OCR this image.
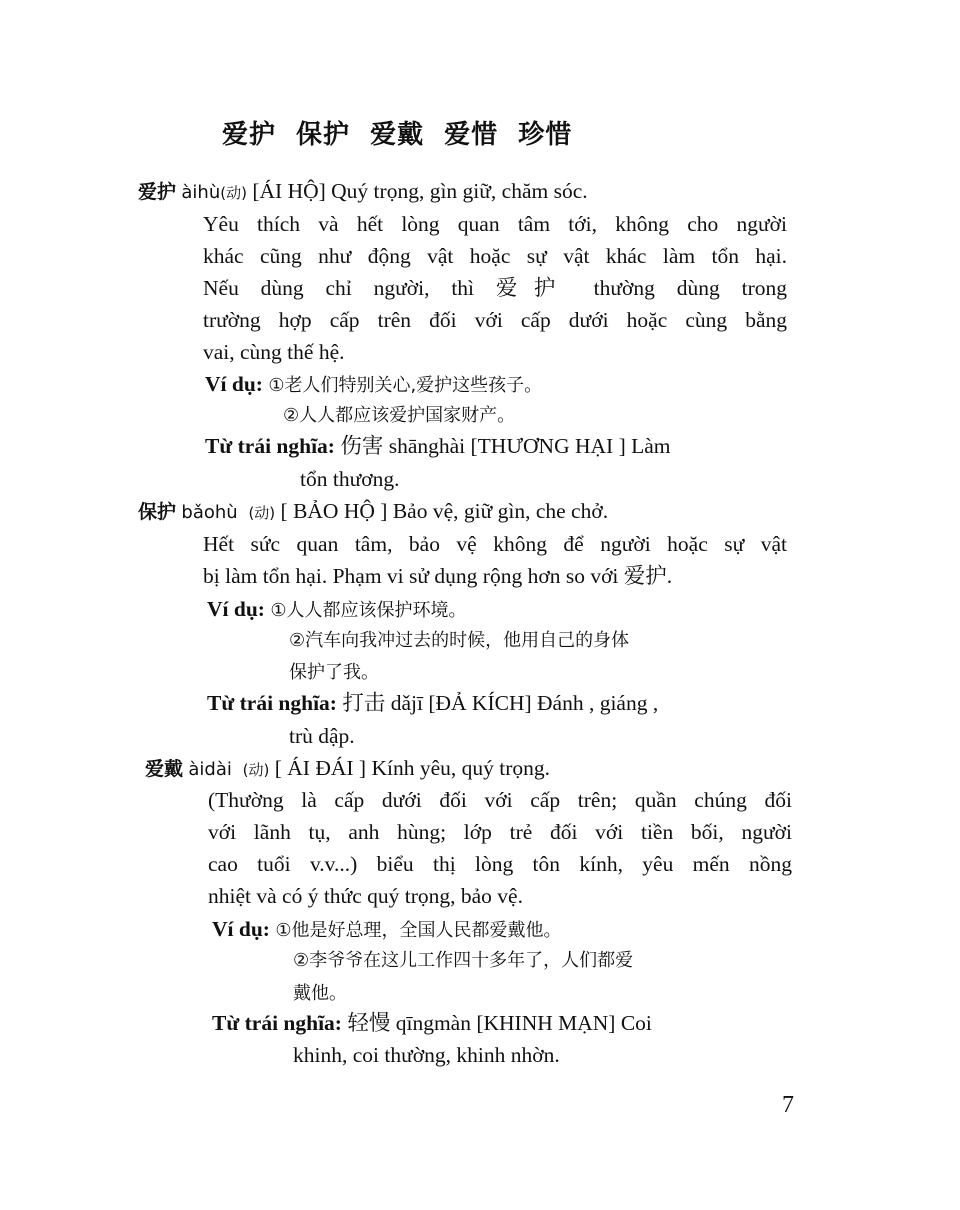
爱护 保护 爱戴 爱惜 珍惜
爱护 àihù(动) [ÁI HỘ] Quý trọng, gìn giữ, chăm sóc.
Yêu thích và hết lòng quan tâm tới, không cho người
khác cũng như động vật hoặc sự vật khác làm tổn hại.
Nếu dùng chỉ người, thì 爱护 thường dùng trong
trường hợp cấp trên đối với cấp dưới hoặc cùng bằng
vai, cùng thế hệ.
Ví dụ: ①老人们特别关心,爱护这些孩子。
②人人都应该爱护国家财产。
Từ trái nghĩa: 伤害 shānghài [THƯƠNG HẠI ] Làm
tổn thương.
保护 bǎohù (动) [ BẢO HỘ ] Bảo vệ, giữ gìn, che chở.
Hết sức quan tâm, bảo vệ không để người hoặc sự vật
bị làm tổn hại. Phạm vi sử dụng rộng hơn so với 爱护.
Ví dụ: ①人人都应该保护环境。
②汽车向我冲过去的时候，他用自己的身体
保护了我。
Từ trái nghĩa: 打击 dǎjī [ĐẢ KÍCH] Đánh , giáng ,
trù dập.
爱戴 àidài (动) [ ÁI ĐÁI ] Kính yêu, quý trọng.
(Thường là cấp dưới đối với cấp trên; quần chúng đối
với lãnh tụ, anh hùng; lớp trẻ đối với tiền bối, người
cao tuổi v.v...) biểu thị lòng tôn kính, yêu mến nồng
nhiệt và có ý thức quý trọng, bảo vệ.
Ví dụ: ①他是好总理，全国人民都爱戴他。
②李爷爷在这儿工作四十多年了，人们都爱
戴他。
Từ trái nghĩa: 轻慢 qīngmàn [KHINH MẠN] Coi
khinh, coi thường, khinh nhờn.
7
